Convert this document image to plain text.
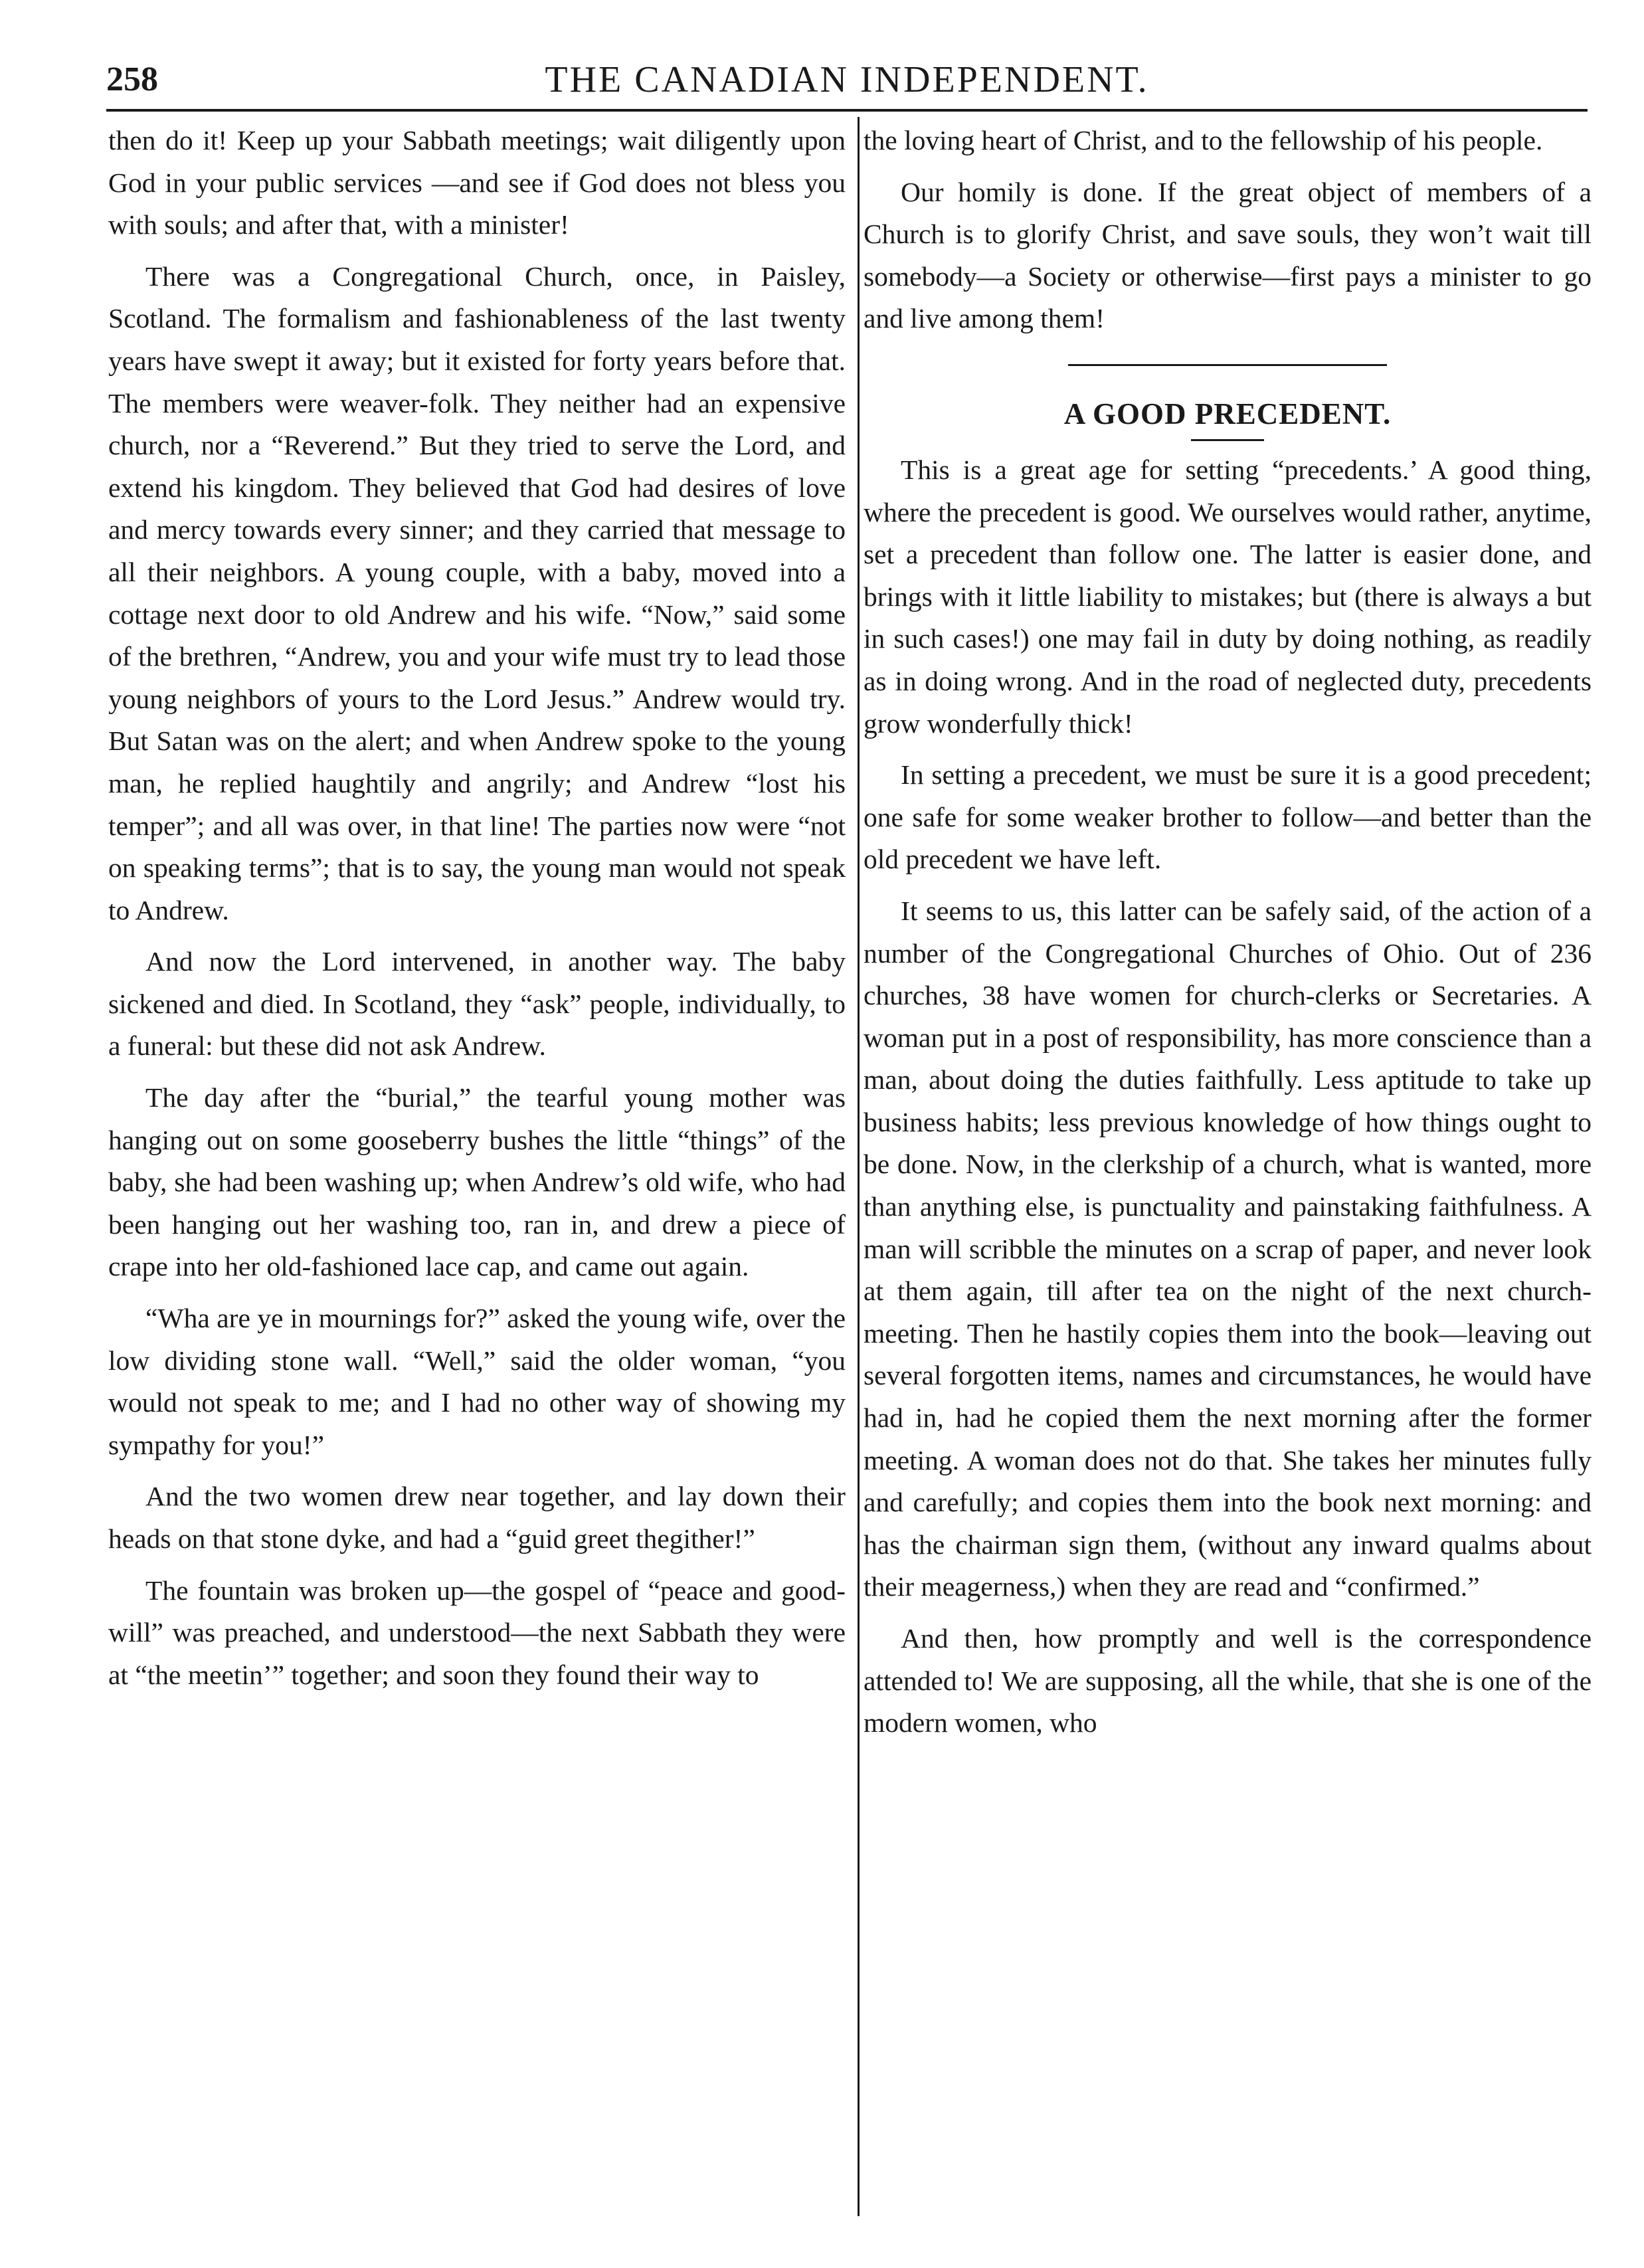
258	THE CANADIAN INDEPENDENT.

then do it! Keep up your Sabbath meetings; wait diligently upon God in your public services —and see if God does not bless you with souls; and after that, with a minister!

There was a Congregational Church, once, in Paisley, Scotland. The formalism and fashionableness of the last twenty years have swept it away; but it existed for forty years before that. The members were weaver-folk. They neither had an expensive church, nor a “Reverend.” But they tried to serve the Lord, and extend his kingdom. They believed that God had desires of love and mercy towards every sinner; and they carried that message to all their neighbors. A young couple, with a baby, moved into a cottage next door to old Andrew and his wife. “Now,” said some of the brethren, “Andrew, you and your wife must try to lead those young neighbors of yours to the Lord Jesus.” Andrew would try. But Satan was on the alert; and when Andrew spoke to the young man, he replied haughtily and angrily; and Andrew “lost his temper”; and all was over, in that line! The parties now were “not on speaking terms”; that is to say, the young man would not speak to Andrew.

And now the Lord intervened, in another way. The baby sickened and died. In Scotland, they “ask” people, individually, to a funeral: but these did not ask Andrew.

The day after the “burial,” the tearful young mother was hanging out on some gooseberry bushes the little “things” of the baby, she had been washing up; when Andrew’s old wife, who had been hanging out her washing too, ran in, and drew a piece of crape into her old-fashioned lace cap, and came out again.

“Wha are ye in mournings for?” asked the young wife, over the low dividing stone wall. “Well,” said the older woman, “you would not speak to me; and I had no other way of showing my sympathy for you!”

And the two women drew near together, and lay down their heads on that stone dyke, and had a “guid greet thegither!”

The fountain was broken up—the gospel of “peace and good-will” was preached, and understood—the next Sabbath they were at “the meetin’” together; and soon they found their way to

the loving heart of Christ, and to the fellowship of his people.

Our homily is done. If the great object of members of a Church is to glorify Christ, and save souls, they won’t wait till somebody—a Society or otherwise—first pays a minister to go and live among them!

A GOOD PRECEDENT.

This is a great age for setting “precedents.’ A good thing, where the precedent is good. We ourselves would rather, anytime, set a precedent than follow one. The latter is easier done, and brings with it little liability to mistakes; but (there is always a but in such cases!) one may fail in duty by doing nothing, as readily as in doing wrong. And in the road of neglected duty, precedents grow wonderfully thick!

In setting a precedent, we must be sure it is a good precedent; one safe for some weaker brother to follow—and better than the old precedent we have left.

It seems to us, this latter can be safely said, of the action of a number of the Congregational Churches of Ohio. Out of 236 churches, 38 have women for church-clerks or Secretaries. A woman put in a post of responsibility, has more conscience than a man, about doing the duties faithfully. Less aptitude to take up business habits; less previous knowledge of how things ought to be done. Now, in the clerkship of a church, what is wanted, more than anything else, is punctuality and painstaking faithfulness. A man will scribble the minutes on a scrap of paper, and never look at them again, till after tea on the night of the next church-meeting. Then he hastily copies them into the book—leaving out several forgotten items, names and circumstances, he would have had in, had he copied them the next morning after the former meeting. A woman does not do that. She takes her minutes fully and carefully; and copies them into the book next morning: and has the chairman sign them, (without any inward qualms about their meagerness,) when they are read and “confirmed.”

And then, how promptly and well is the correspondence attended to! We are supposing, all the while, that she is one of the modern women, who
